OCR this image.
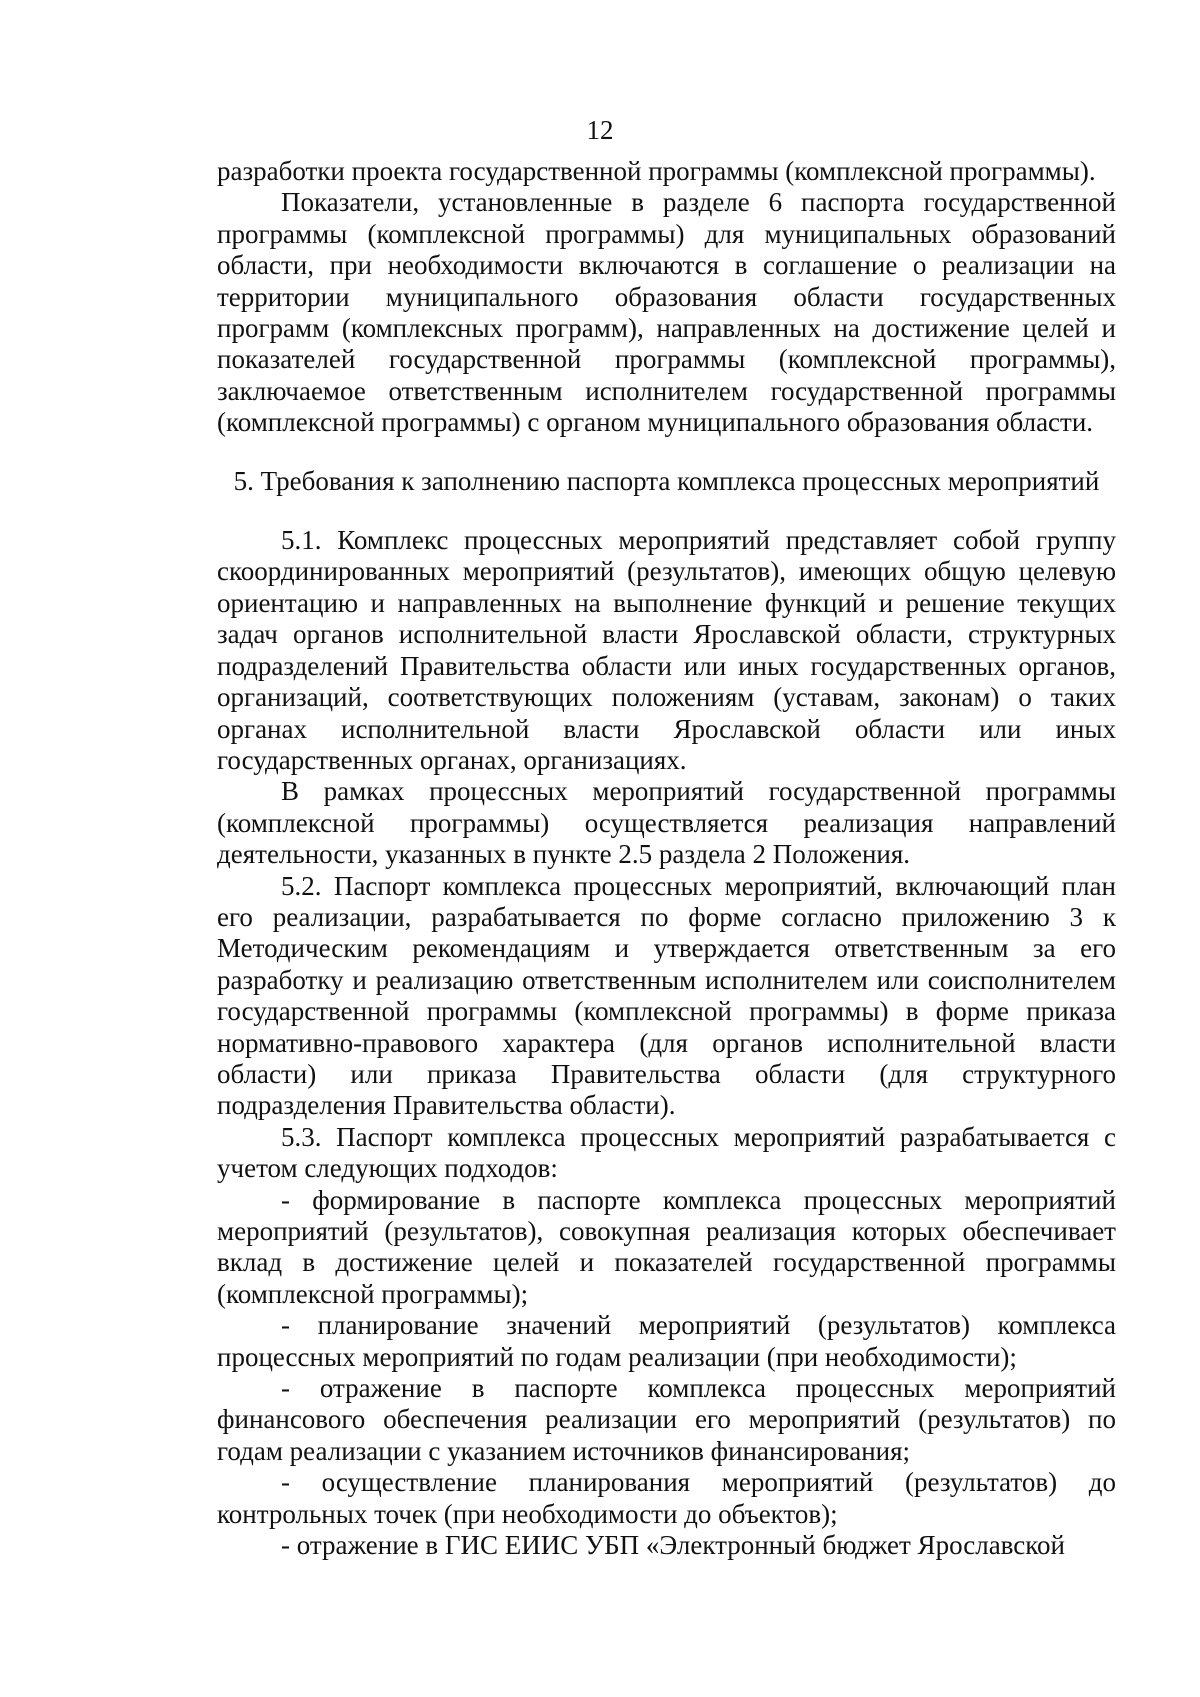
12

разработки проекта государственной программы (комплексной программы).

Показатели, установленные в разделе 6 паспорта государственной программы (комплексной программы) для муниципальных образований области, при необходимости включаются в соглашение о реализации на территории муниципального образования области государственных программ (комплексных программ), направленных на достижение целей и показателей государственной программы (комплексной программы), заключаемое ответственным исполнителем государственной программы (комплексной программы) с органом муниципального образования области.

5. Требования к заполнению паспорта комплекса процессных мероприятий

5.1. Комплекс процессных мероприятий представляет собой группу скоординированных мероприятий (результатов), имеющих общую целевую ориентацию и направленных на выполнение функций и решение текущих задач органов исполнительной власти Ярославской области, структурных подразделений Правительства области или иных государственных органов, организаций, соответствующих положениям (уставам, законам) о таких органах исполнительной власти Ярославской области или иных государственных органах, организациях.

В рамках процессных мероприятий государственной программы (комплексной программы) осуществляется реализация направлений деятельности, указанных в пункте 2.5 раздела 2 Положения.

5.2. Паспорт комплекса процессных мероприятий, включающий план его реализации, разрабатывается по форме согласно приложению 3 к Методическим рекомендациям и утверждается ответственным за его разработку и реализацию ответственным исполнителем или соисполнителем государственной программы (комплексной программы) в форме приказа нормативно-правового характера (для органов исполнительной власти области) или приказа Правительства области (для структурного подразделения Правительства области).

5.3. Паспорт комплекса процессных мероприятий разрабатывается с учетом следующих подходов:

- формирование в паспорте комплекса процессных мероприятий мероприятий (результатов), совокупная реализация которых обеспечивает вклад в достижение целей и показателей государственной программы (комплексной программы);

- планирование значений мероприятий (результатов) комплекса процессных мероприятий по годам реализации (при необходимости);

- отражение в паспорте комплекса процессных мероприятий финансового обеспечения реализации его мероприятий (результатов) по годам реализации с указанием источников финансирования;

- осуществление планирования мероприятий (результатов) до контрольных точек (при необходимости до объектов);

- отражение в ГИС ЕИИС УБП «Электронный бюджет Ярославской
